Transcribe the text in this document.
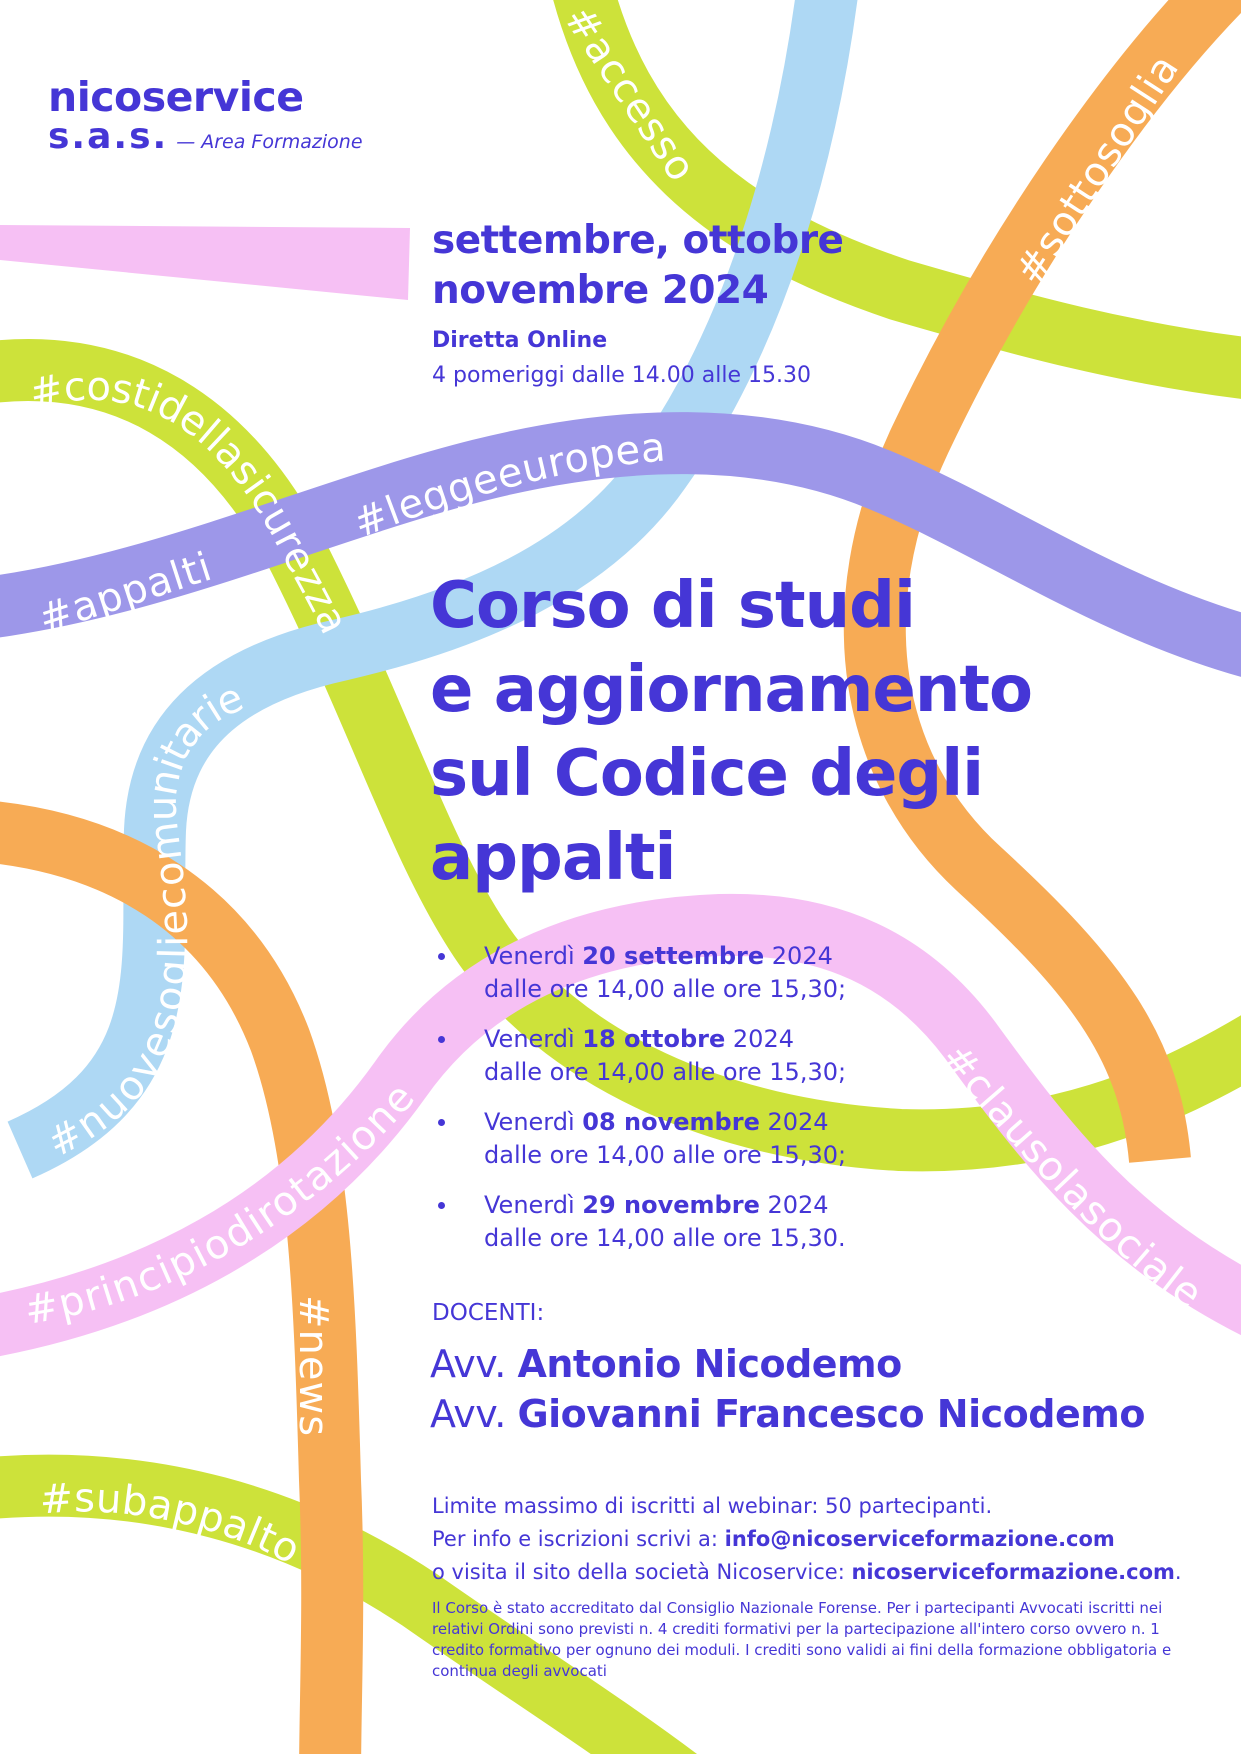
#accesso
#sottosoglia
#costidellasicurezza
#leggeeuropea
#appalti
#nuovesogliecomunitarie
#principiodirotazione
#news
#subappalto
#clausolasociale
nicoservice
s.a.s. — Area Formazione
settembre, ottobre
novembre 2024
Diretta Online
4 pomeriggi dalle 14.00 alle 15.30
Corso di studi
e aggiornamento
sul Codice degli
appalti
Venerdì 20 settembre 2024
dalle ore 14,00 alle ore 15,30;
Venerdì 18 ottobre 2024
dalle ore 14,00 alle ore 15,30;
Venerdì 08 novembre 2024
dalle ore 14,00 alle ore 15,30;
Venerdì 29 novembre 2024
dalle ore 14,00 alle ore 15,30.
DOCENTI:
Avv. Antonio Nicodemo
Avv. Giovanni Francesco Nicodemo
Limite massimo di iscritti al webinar: 50 partecipanti.
Per info e iscrizioni scrivi a: info@nicoserviceformazione.com
o visita il sito della società Nicoservice: nicoserviceformazione.com.
Il Corso è stato accreditato dal Consiglio Nazionale Forense. Per i partecipanti Avvocati iscritti nei relativi Ordini sono previsti n. 4 crediti formativi per la partecipazione all'intero corso ovvero n. 1 credito formativo per ognuno dei moduli. I crediti sono validi ai fini della formazione obbligatoria e continua degli avvocati
